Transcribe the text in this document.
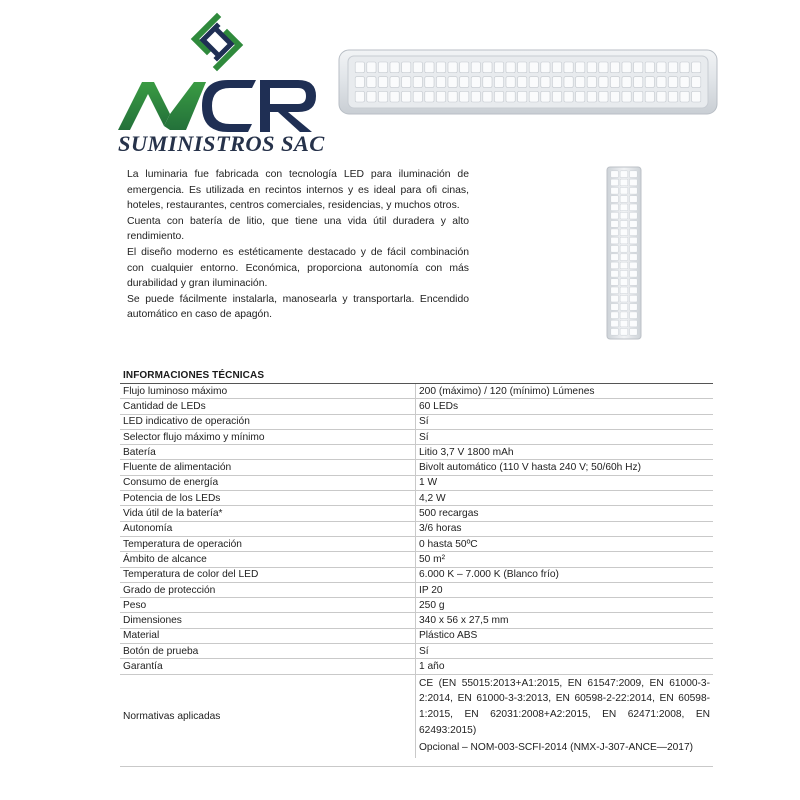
SUMINISTROS SAC

La luminaria fue fabricada con tecnología LED para iluminación de emergencia. Es utilizada en recintos internos y es ideal para ofi cinas, hoteles, restaurantes, centros comerciales, residencias, y muchos otros.

Cuenta con batería de litio, que tiene una vida útil duradera y alto rendimiento.

El diseño moderno es estéticamente destacado y de fácil combinación con cualquier entorno. Económica, proporciona autonomía con más durabilidad y gran iluminación.

Se puede fácilmente instalarla, manosearla y transportarla. Encendido automático en caso de apagón.

INFORMACIONES TÉCNICAS
Flujo luminoso máximo	200 (máximo) / 120 (mínimo) Lúmenes
Cantidad de LEDs	60 LEDs
LED indicativo de operación	Sí
Selector flujo máximo y mínimo	Sí
Batería	Litio 3,7 V 1800 mAh
Fluente de alimentación	Bivolt automático (110 V hasta 240 V; 50/60h Hz)
Consumo de energía	1 W
Potencia de los LEDs	4,2 W
Vida útil de la batería*	500 recargas
Autonomía	3/6 horas
Temperatura de operación	0 hasta 50ºC
Ámbito de alcance	50 m²
Temperatura de color del LED	6.000 K – 7.000 K (Blanco frío)
Grado de protección	IP 20
Peso	250 g
Dimensiones	340 x 56 x 27,5 mm
Material	Plástico ABS
Botón de prueba	Sí
Garantía	1 año
Normativas aplicadas	CE (EN 55015:2013+A1:2015, EN 61547:2009, EN 61000-3-2:2014, EN 61000-3-3:2013, EN 60598-2-22:2014, EN 60598-1:2015, EN 62031:2008+A2:2015, EN 62471:2008, EN 62493:2015)
Opcional – NOM-003-SCFI-2014 (NMX-J-307-ANCE—2017)
